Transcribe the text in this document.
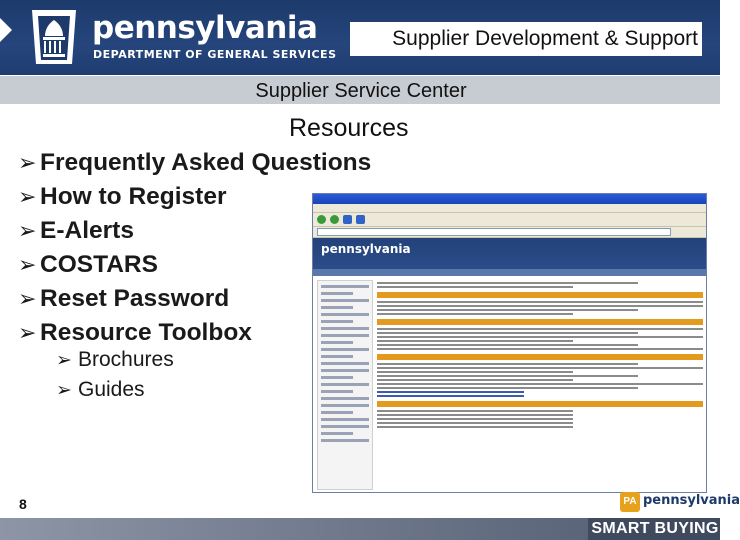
pennsylvania
DEPARTMENT OF GENERAL SERVICES
Supplier Development & Support
Supplier Service Center
Resources
➢ Frequently Asked Questions
➢ How to Register
➢ E-Alerts
➢ COSTARS
➢ Reset Password
➢ Resource Toolbox
➢ Brochures
➢ Guides
pennsylvania
8	PA pennsylvania
SMART BUYING
